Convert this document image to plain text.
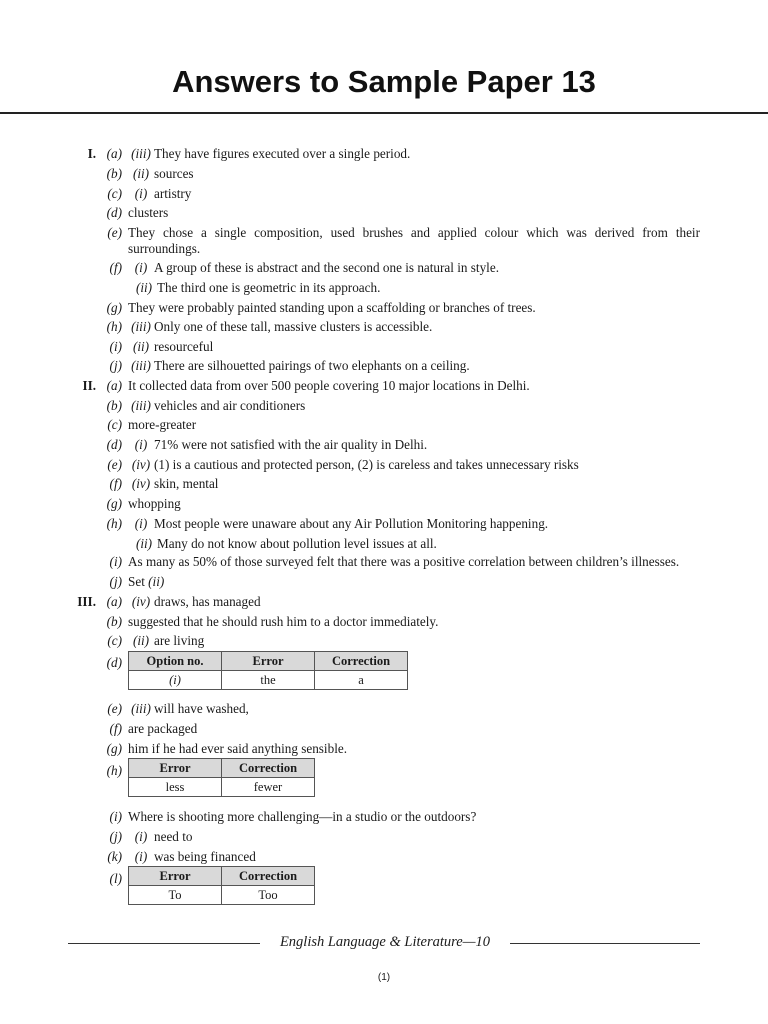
Answers to Sample Paper 13
I. (a) (iii) They have figures executed over a single period.
(b) (ii) sources
(c) (i) artistry
(d) clusters
(e) They chose a single composition, used brushes and applied colour which was derived from their surroundings.
(f) (i) A group of these is abstract and the second one is natural in style.
(ii) The third one is geometric in its approach.
(g) They were probably painted standing upon a scaffolding or branches of trees.
(h) (iii) Only one of these tall, massive clusters is accessible.
(i) (ii) resourceful
(j) (iii) There are silhouetted pairings of two elephants on a ceiling.
II. (a) It collected data from over 500 people covering 10 major locations in Delhi.
(b) (iii) vehicles and air conditioners
(c) more-greater
(d) (i) 71% were not satisfied with the air quality in Delhi.
(e) (iv) (1) is a cautious and protected person, (2) is careless and takes unnecessary risks
(f) (iv) skin, mental
(g) whopping
(h) (i) Most people were unaware about any Air Pollution Monitoring happening.
(ii) Many do not know about pollution level issues at all.
(i) As many as 50% of those surveyed felt that there was a positive correlation between children’s illnesses.
(j) Set (ii)
III. (a) (iv) draws, has managed
(b) suggested that he should rush him to a doctor immediately.
(c) (ii) are living
(d) Option no.	Error	Correction
(i)	the	a
(e) (iii) will have washed,
(f) are packaged
(g) him if he had ever said anything sensible.
(h)	Error	Correction
less	fewer
(i) Where is shooting more challenging—in a studio or the outdoors?
(j) (i) need to
(k) (i) was being financed
(l)	Error	Correction
To	Too
English Language & Literature—10
(1)
